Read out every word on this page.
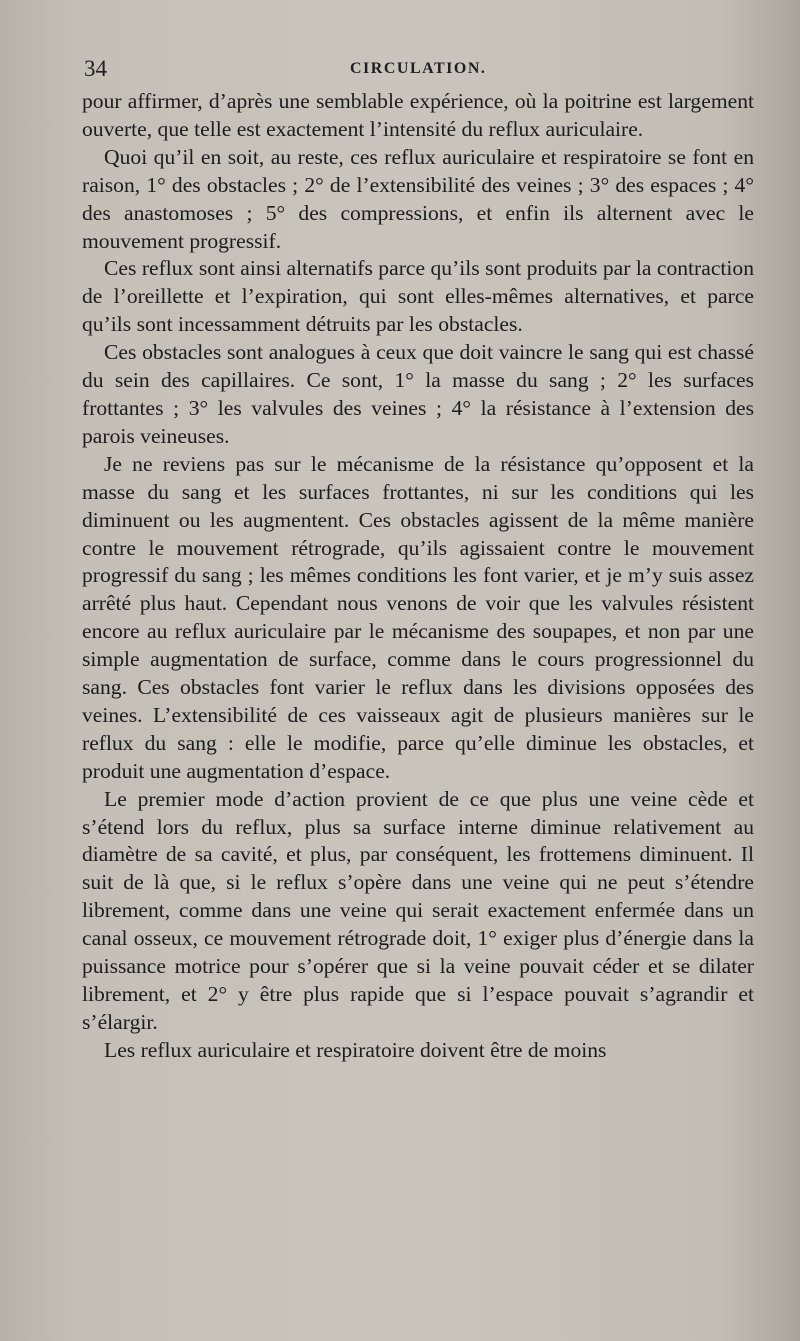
34	CIRCULATION.

pour affirmer, d’après une semblable expérience, où la poitrine est largement ouverte, que telle est exactement l’intensité du reflux auriculaire.

Quoi qu’il en soit, au reste, ces reflux auriculaire et respiratoire se font en raison, 1° des obstacles ; 2° de l’extensibilité des veines ; 3° des espaces ; 4° des anastomoses ; 5° des compressions, et enfin ils alternent avec le mouvement progressif.

Ces reflux sont ainsi alternatifs parce qu’ils sont produits par la contraction de l’oreillette et l’expiration, qui sont elles-mêmes alternatives, et parce qu’ils sont incessamment détruits par les obstacles.

Ces obstacles sont analogues à ceux que doit vaincre le sang qui est chassé du sein des capillaires. Ce sont, 1° la masse du sang ; 2° les surfaces frottantes ; 3° les valvules des veines ; 4° la résistance à l’extension des parois veineuses.

Je ne reviens pas sur le mécanisme de la résistance qu’opposent et la masse du sang et les surfaces frottantes, ni sur les conditions qui les diminuent ou les augmentent. Ces obstacles agissent de la même manière contre le mouvement rétrograde, qu’ils agissaient contre le mouvement progressif du sang ; les mêmes conditions les font varier, et je m’y suis assez arrêté plus haut. Cependant nous venons de voir que les valvules résistent encore au reflux auriculaire par le mécanisme des soupapes, et non par une simple augmentation de surface, comme dans le cours progressionnel du sang. Ces obstacles font varier le reflux dans les divisions opposées des veines. L’extensibilité de ces vaisseaux agit de plusieurs manières sur le reflux du sang : elle le modifie, parce qu’elle diminue les obstacles, et produit une augmentation d’espace.

Le premier mode d’action provient de ce que plus une veine cède et s’étend lors du reflux, plus sa surface interne diminue relativement au diamètre de sa cavité, et plus, par conséquent, les frottemens diminuent. Il suit de là que, si le reflux s’opère dans une veine qui ne peut s’étendre librement, comme dans une veine qui serait exactement enfermée dans un canal osseux, ce mouvement rétrograde doit, 1° exiger plus d’énergie dans la puissance motrice pour s’opérer que si la veine pouvait céder et se dilater librement, et 2° y être plus rapide que si l’espace pouvait s’agrandir et s’élargir.

Les reflux auriculaire et respiratoire doivent être de moins
